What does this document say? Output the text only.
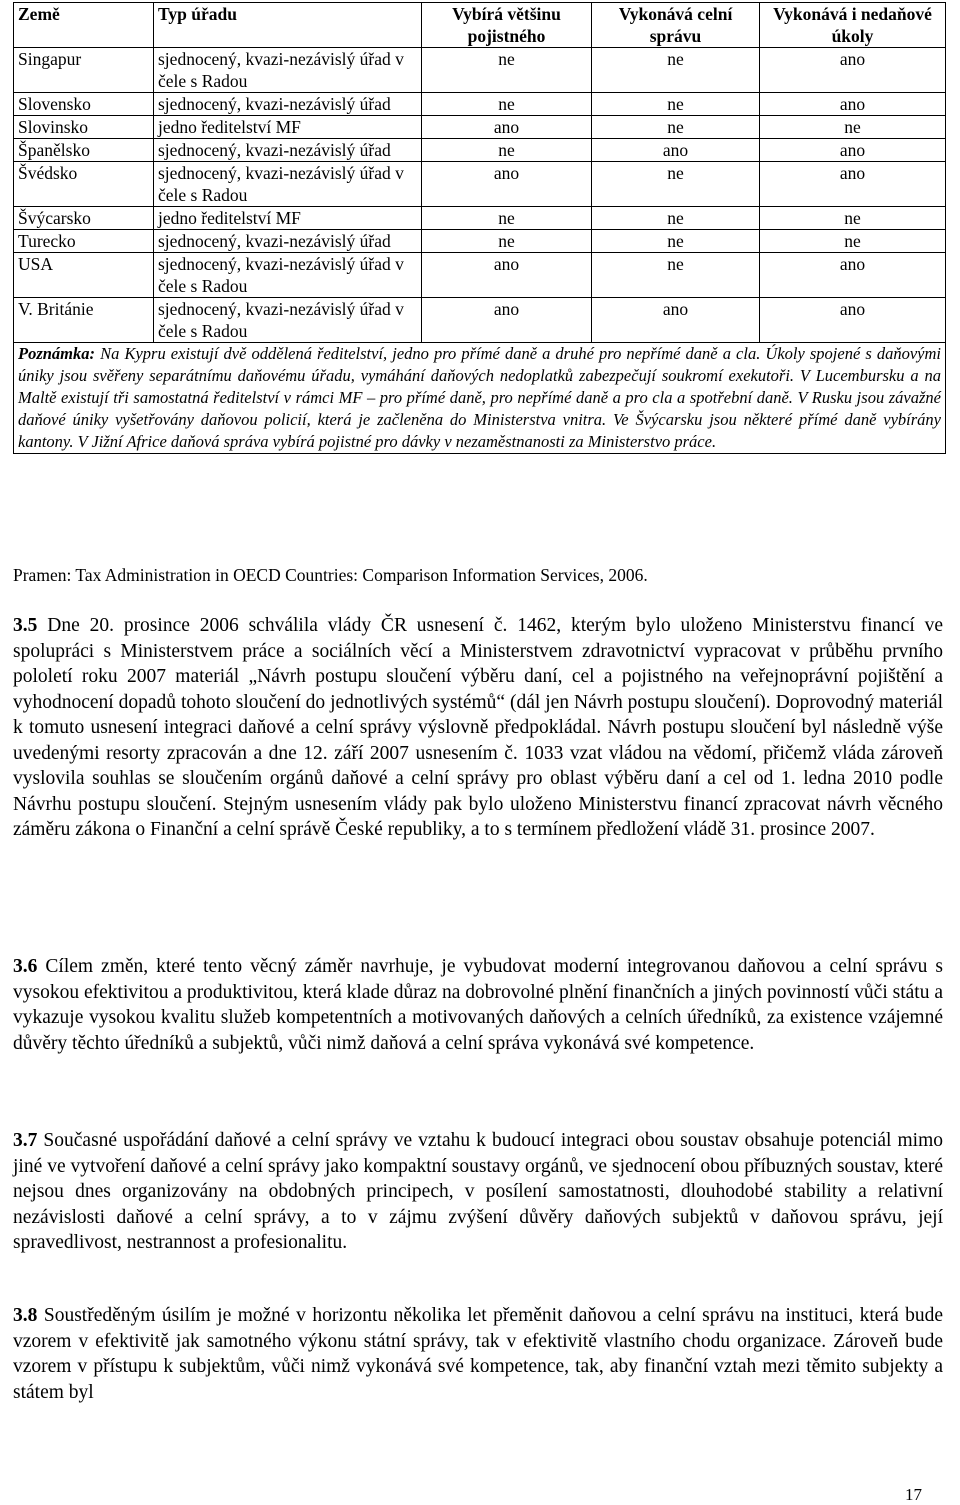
Země	Typ úřadu	Vybírá většinu pojistného	Vykonává celní správu	Vykonává i nedaňové úkoly
Singapur	sjednocený, kvazi-nezávislý úřad v čele s Radou	ne	ne	ano
Slovensko	sjednocený, kvazi-nezávislý úřad	ne	ne	ano
Slovinsko	jedno ředitelství MF	ano	ne	ne
Španělsko	sjednocený, kvazi-nezávislý úřad	ne	ano	ano
Švédsko	sjednocený, kvazi-nezávislý úřad v čele s Radou	ano	ne	ano
Švýcarsko	jedno ředitelství MF	ne	ne	ne
Turecko	sjednocený, kvazi-nezávislý úřad	ne	ne	ne
USA	sjednocený, kvazi-nezávislý úřad v čele s Radou	ano	ne	ano
V. Británie	sjednocený, kvazi-nezávislý úřad v čele s Radou	ano	ano	ano
Poznámka: Na Kypru existují dvě oddělená ředitelství, jedno pro přímé daně a druhé pro nepřímé daně a cla. Úkoly spojené s daňovými úniky jsou svěřeny separátnímu daňovému úřadu, vymáhání daňových nedoplatků zabezpečují soukromí exekutoři. V Lucembursku a na Maltě existují tři samostatná ředitelství v rámci MF – pro přímé daně, pro nepřímé daně a pro cla a spotřební daně. V Rusku jsou závažné daňové úniky vyšetřovány daňovou policií, která je začleněna do Ministerstva vnitra. Ve Švýcarsku jsou některé přímé daně vybírány kantony. V Jižní Africe daňová správa vybírá pojistné pro dávky v nezaměstnanosti za Ministerstvo práce.				
Pramen: Tax Administration in OECD Countries: Comparison Information Services, 2006.

3.5 Dne 20. prosince 2006 schválila vlády ČR usnesení č. 1462, kterým bylo uloženo Ministerstvu financí ve spolupráci s Ministerstvem práce a sociálních věcí a Ministerstvem zdravotnictví vypracovat v průběhu prvního pololetí roku 2007 materiál „Návrh postupu sloučení výběru daní, cel a pojistného na veřejnoprávní pojištění a vyhodnocení dopadů tohoto sloučení do jednotlivých systémů“ (dál jen Návrh postupu sloučení). Doprovodný materiál k tomuto usnesení integraci daňové a celní správy výslovně předpokládal. Návrh postupu sloučení byl následně výše uvedenými resorty zpracován a dne 12. září 2007 usnesením č. 1033 vzat vládou na vědomí, přičemž vláda zároveň vyslovila souhlas se sloučením orgánů daňové a celní správy pro oblast výběru daní a cel od 1. ledna 2010 podle Návrhu postupu sloučení. Stejným usnesením vlády pak bylo uloženo Ministerstvu financí zpracovat návrh věcného záměru zákona o Finanční a celní správě České republiky, a to s termínem předložení vládě 31. prosince 2007.

3.6 Cílem změn, které tento věcný záměr navrhuje, je vybudovat moderní integrovanou daňovou a celní správu s vysokou efektivitou a produktivitou, která klade důraz na dobrovolné plnění finančních a jiných povinností vůči státu a vykazuje vysokou kvalitu služeb kompetentních a motivovaných daňových a celních úředníků, za existence vzájemné důvěry těchto úředníků a subjektů, vůči nimž daňová a celní správa vykonává své kompetence.

3.7 Současné uspořádání daňové a celní správy ve vztahu k budoucí integraci obou soustav obsahuje potenciál mimo jiné ve vytvoření daňové a celní správy jako kompaktní soustavy orgánů, ve sjednocení obou příbuzných soustav, které nejsou dnes organizovány na obdobných principech, v posílení samostatnosti, dlouhodobé stability a relativní nezávislosti daňové a celní správy, a to v zájmu zvýšení důvěry daňových subjektů v daňovou správu, její spravedlivost, nestrannost a profesionalitu.

3.8 Soustředěným úsilím je možné v horizontu několika let přeměnit daňovou a celní správu na instituci, která bude vzorem v efektivitě jak samotného výkonu státní správy, tak v efektivitě vlastního chodu organizace. Zároveň bude vzorem v přístupu k subjektům, vůči nimž vykonává své kompetence, tak, aby finanční vztah mezi těmito subjekty a státem byl

17
